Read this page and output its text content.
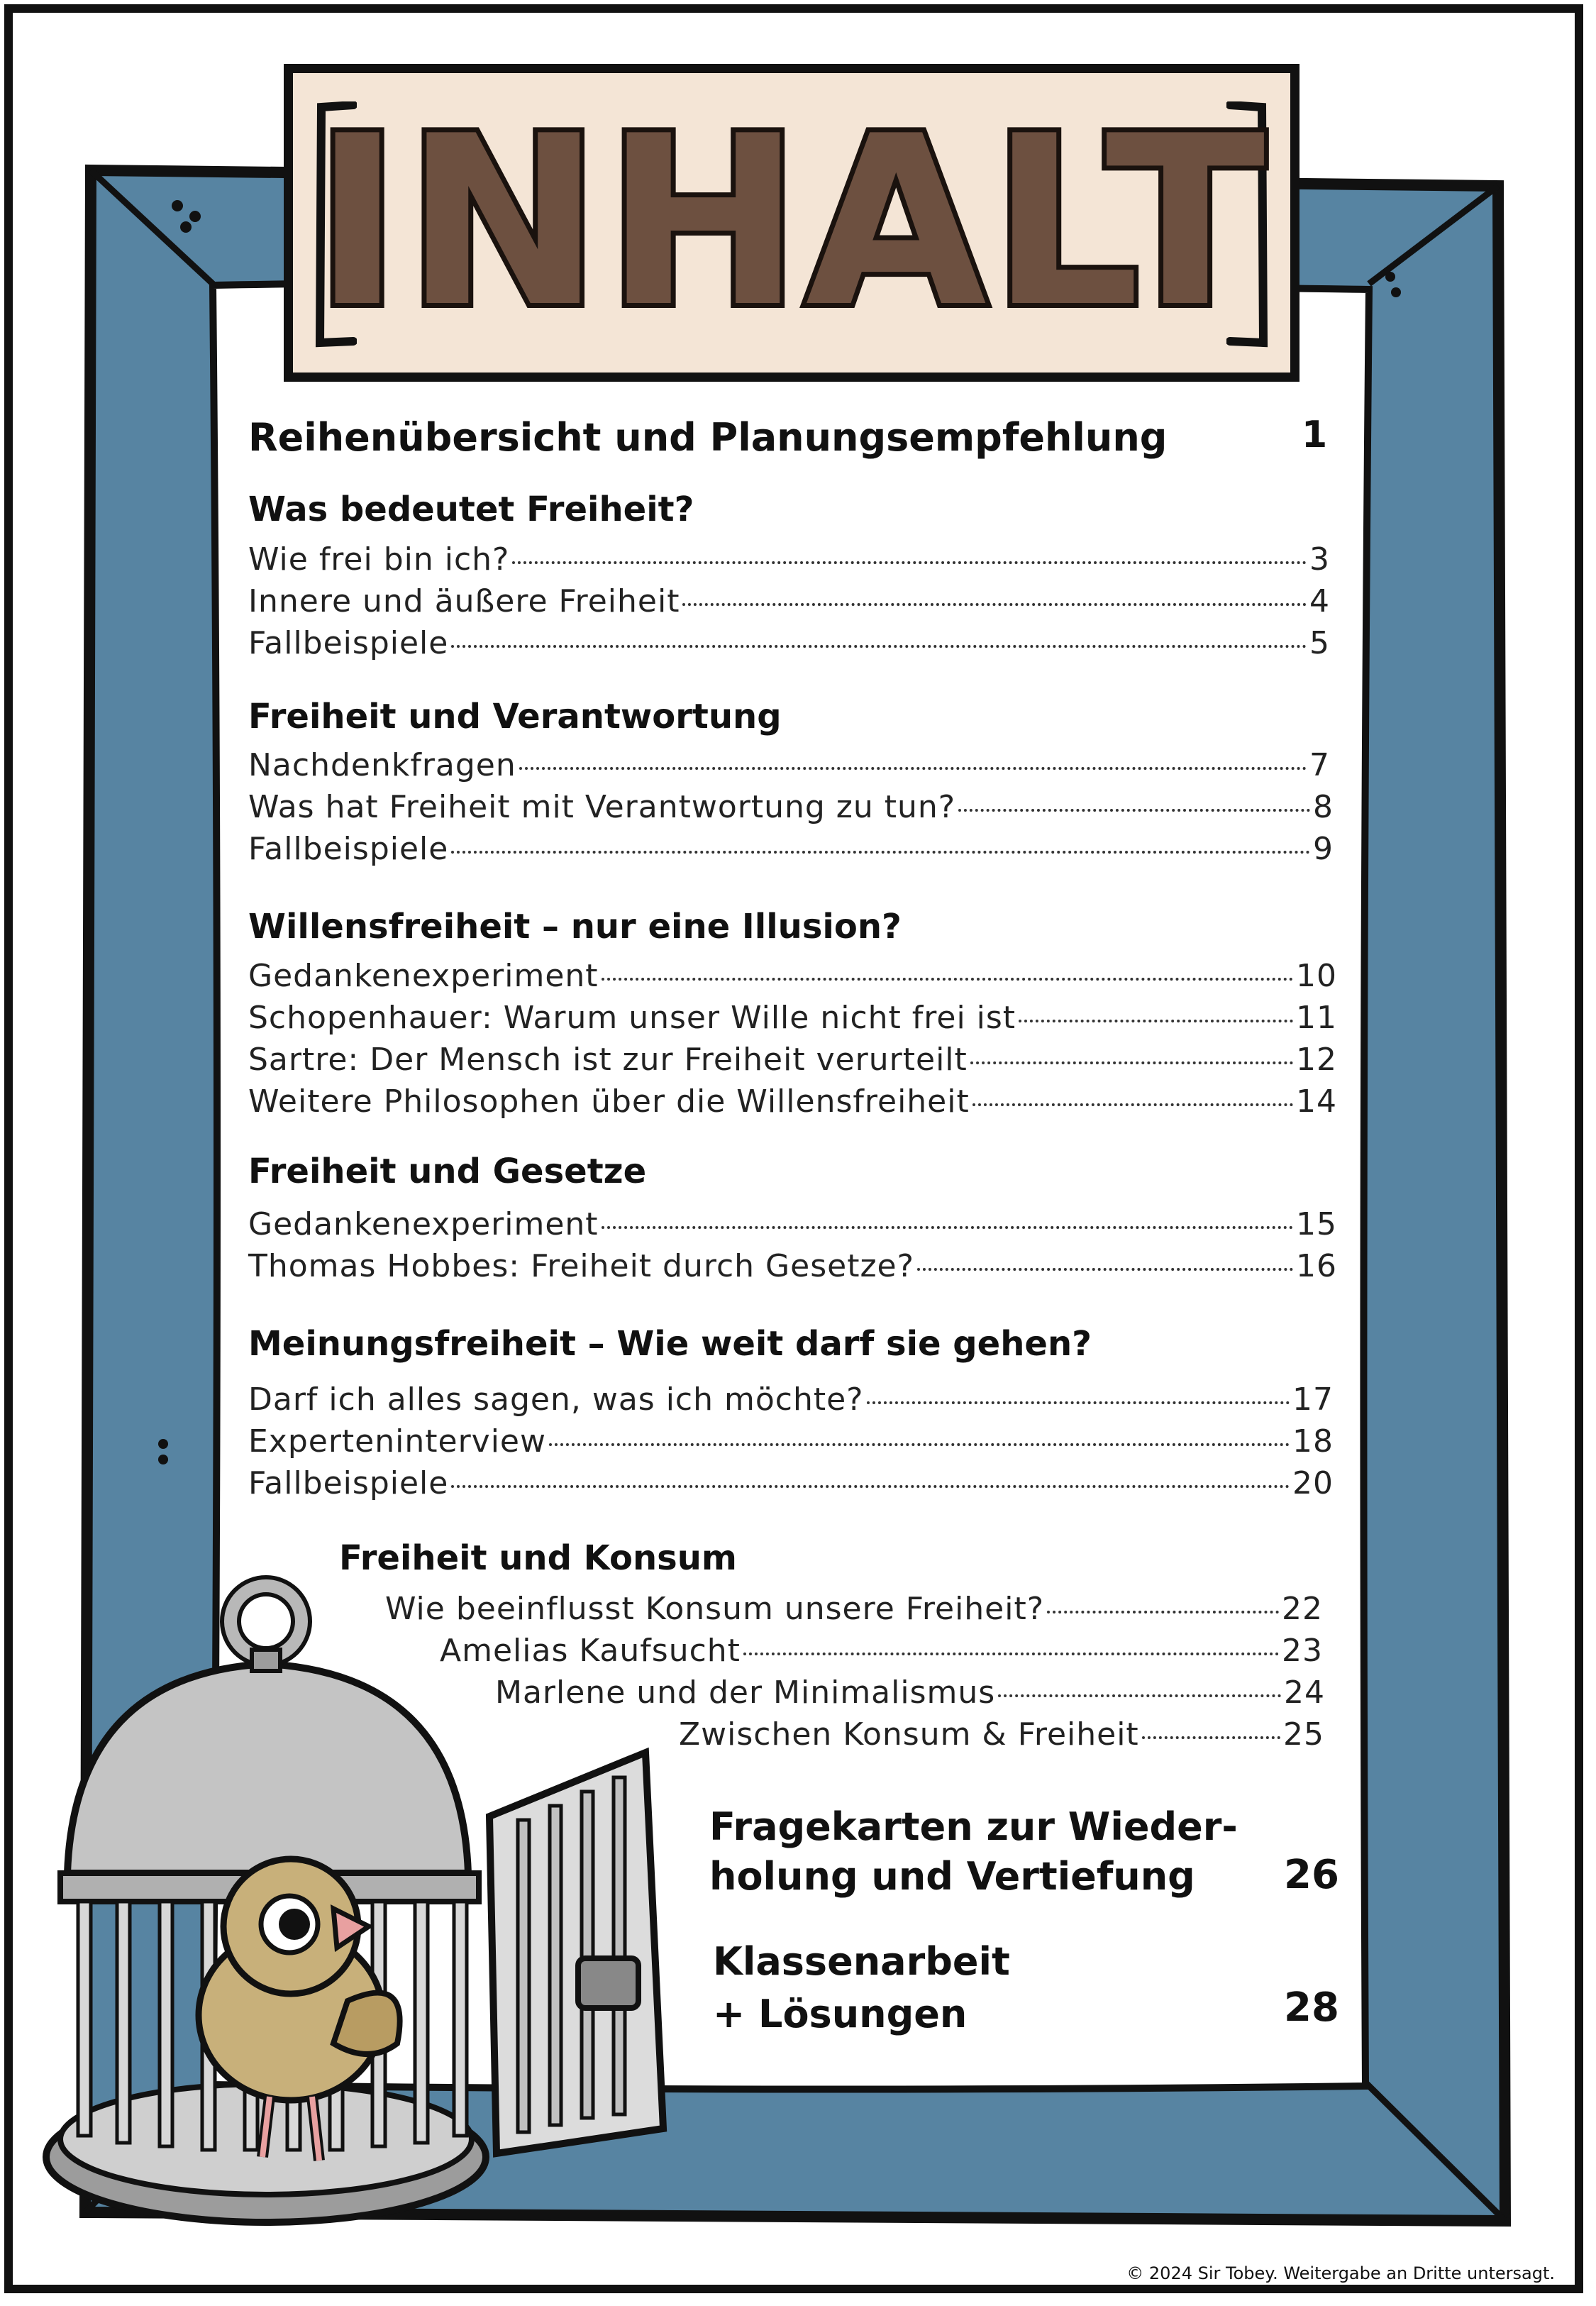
INHALT
Reihenübersicht und Planungsempfehlung	1
Was bedeutet Freiheit?
Wie frei bin ich?	3
Innere und äußere Freiheit	4
Fallbeispiele	5
Freiheit und Verantwortung
Nachdenkfragen	7
Was hat Freiheit mit Verantwortung zu tun?	8
Fallbeispiele	9
Willensfreiheit – nur eine Illusion?
Gedankenexperiment	10
Schopenhauer: Warum unser Wille nicht frei ist	11
Sartre: Der Mensch ist zur Freiheit verurteilt	12
Weitere Philosophen über die Willensfreiheit	14
Freiheit und Gesetze
Gedankenexperiment	15
Thomas Hobbes: Freiheit durch Gesetze?	16
Meinungsfreiheit – Wie weit darf sie gehen?
Darf ich alles sagen, was ich möchte?	17
Experteninterview	18
Fallbeispiele	20
Freiheit und Konsum
Wie beeinflusst Konsum unsere Freiheit?	22
Amelias Kaufsucht	23
Marlene und der Minimalismus	24
Zwischen Konsum & Freiheit	25
Fragekarten zur Wieder-
holung und Vertiefung	26
Klassenarbeit
+ Lösungen	28
© 2024 Sir Tobey. Weitergabe an Dritte untersagt.
